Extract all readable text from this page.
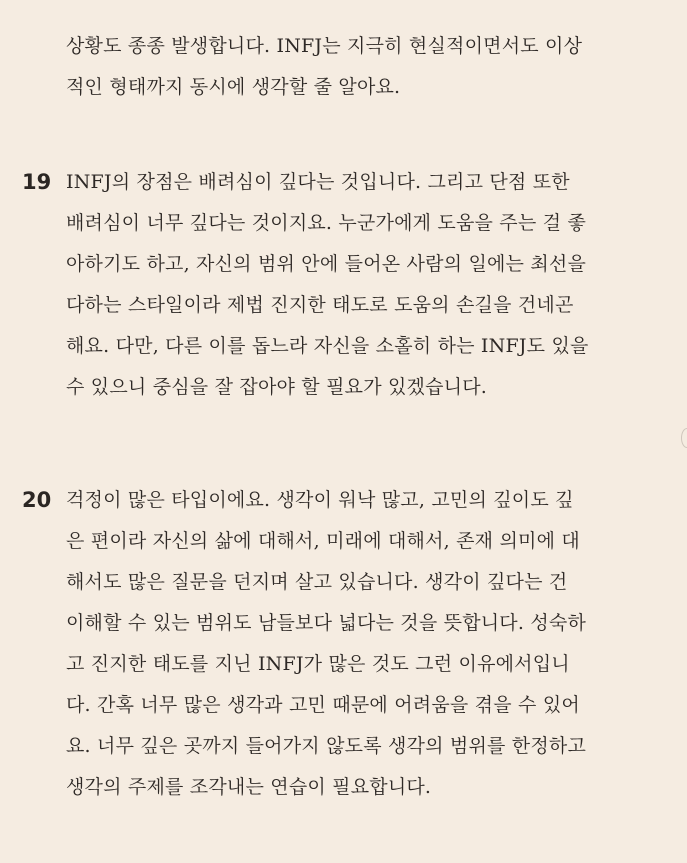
상황도 종종 발생합니다. INFJ는 지극히 현실적이면서도 이상
적인 형태까지 동시에 생각할 줄 알아요.
19 INFJ의 장점은 배려심이 깊다는 것입니다. 그리고 단점 또한
배려심이 너무 깊다는 것이지요. 누군가에게 도움을 주는 걸 좋
아하기도 하고, 자신의 범위 안에 들어온 사람의 일에는 최선을
다하는 스타일이라 제법 진지한 태도로 도움의 손길을 건네곤
해요. 다만, 다른 이를 돕느라 자신을 소홀히 하는 INFJ도 있을
수 있으니 중심을 잘 잡아야 할 필요가 있겠습니다.
20 걱정이 많은 타입이에요. 생각이 워낙 많고, 고민의 깊이도 깊
은 편이라 자신의 삶에 대해서, 미래에 대해서, 존재 의미에 대
해서도 많은 질문을 던지며 살고 있습니다. 생각이 깊다는 건
이해할 수 있는 범위도 남들보다 넓다는 것을 뜻합니다. 성숙하
고 진지한 태도를 지닌 INFJ가 많은 것도 그런 이유에서입니
다. 간혹 너무 많은 생각과 고민 때문에 어려움을 겪을 수 있어
요. 너무 깊은 곳까지 들어가지 않도록 생각의 범위를 한정하고
생각의 주제를 조각내는 연습이 필요합니다.
